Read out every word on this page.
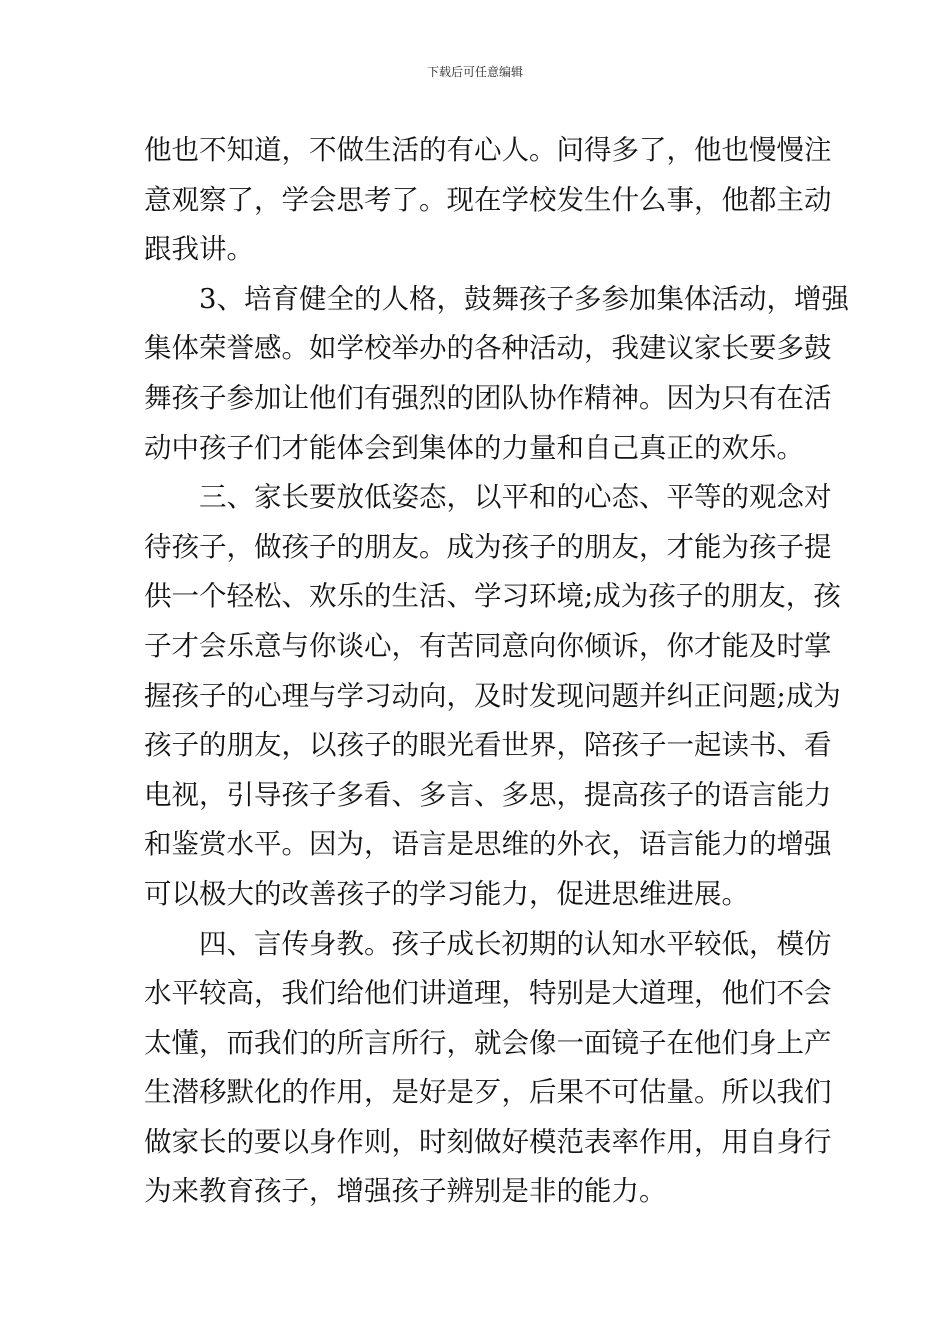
下载后可任意编辑
他也不知道，不做生活的有心人。问得多了，他也慢慢注
意观察了，学会思考了。现在学校发生什么事，他都主动
跟我讲。
3、培育健全的人格，鼓舞孩子多参加集体活动，增强
集体荣誉感。如学校举办的各种活动，我建议家长要多鼓
舞孩子参加让他们有强烈的团队协作精神。因为只有在活
动中孩子们才能体会到集体的力量和自己真正的欢乐。
三、家长要放低姿态，以平和的心态、平等的观念对
待孩子，做孩子的朋友。成为孩子的朋友，才能为孩子提
供一个轻松、欢乐的生活、学习环境;成为孩子的朋友，孩
子才会乐意与你谈心，有苦同意向你倾诉，你才能及时掌
握孩子的心理与学习动向，及时发现问题并纠正问题;成为
孩子的朋友，以孩子的眼光看世界，陪孩子一起读书、看
电视，引导孩子多看、多言、多思，提高孩子的语言能力
和鉴赏水平。因为，语言是思维的外衣，语言能力的增强
可以极大的改善孩子的学习能力，促进思维进展。
四、言传身教。孩子成长初期的认知水平较低，模仿
水平较高，我们给他们讲道理，特别是大道理，他们不会
太懂，而我们的所言所行，就会像一面镜子在他们身上产
生潜移默化的作用，是好是歹，后果不可估量。所以我们
做家长的要以身作则，时刻做好模范表率作用，用自身行
为来教育孩子，增强孩子辨别是非的能力。
